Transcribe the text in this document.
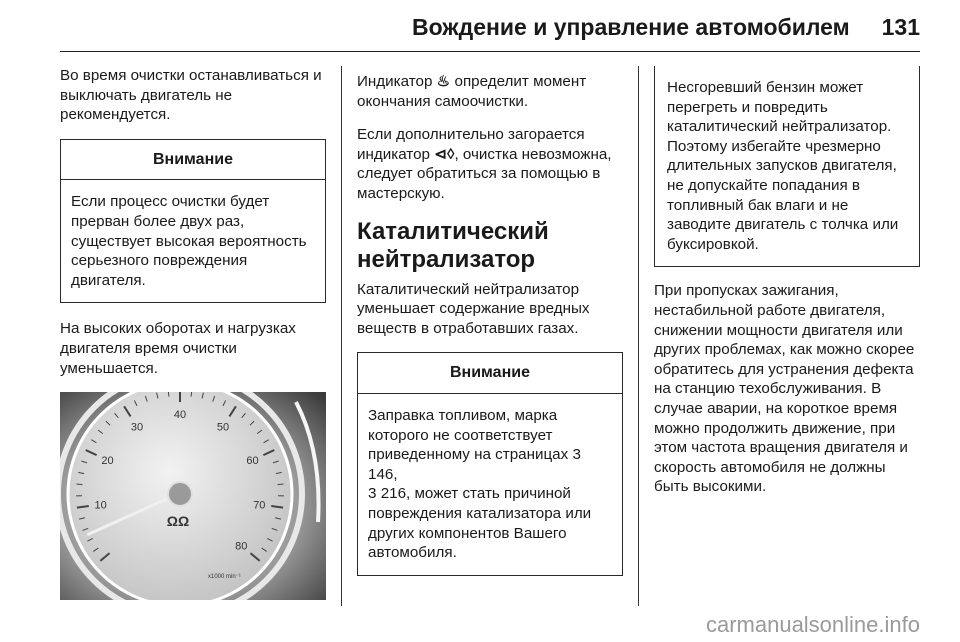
Вождение и управление автомобилем 131

Во время очистки останавливаться и выключать двигатель не рекомендуется.

Внимание
Если процесс очистки будет прерван более двух раз, существует высокая вероятность серьезного повреждения двигателя.

На высоких оборотах и нагрузках двигателя время очистки уменьшается.

10
20
30
40
50
60
70
80
ΩΩ
x1000 min⁻¹

Индикатор ♨ определит момент окончания самоочистки.

Если дополнительно загорается индикатор ⊲◊, очистка невозможна, следует обратиться за помощью в мастерскую.

Каталитический нейтрализатор

Каталитический нейтрализатор уменьшает содержание вредных веществ в отработавших газах.

Внимание
Заправка топливом, марка которого не соответствует приведенному на страницах 3 146,
3 216, может стать причиной повреждения катализатора или других компонентов Вашего автомобиля.
Несгоревший бензин может перегреть и повредить каталитический нейтрализатор. Поэтому избегайте чрезмерно длительных запусков двигателя, не допускайте попадания в топливный бак влаги и не заводите двигатель с толчка или буксировкой.

При пропусках зажигания, нестабильной работе двигателя, снижении мощности двигателя или других проблемах, как можно скорее обратитесь для устранения дефекта на станцию техобслуживания. В случае аварии, на короткое время можно продолжить движение, при этом частота вращения двигателя и скорость автомобиля не должны быть высокими.

carmanualsonline.info
